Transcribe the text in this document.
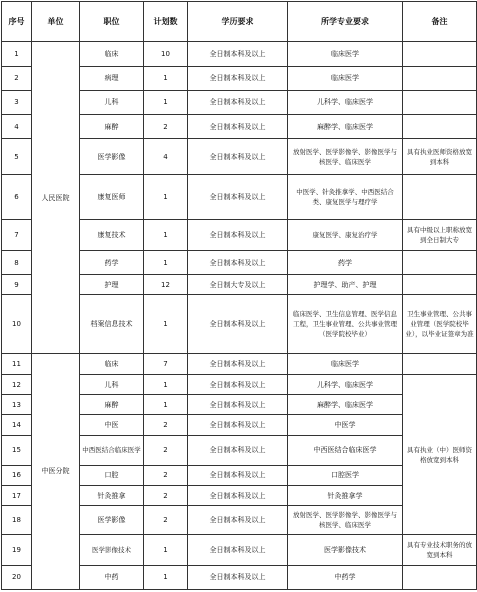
序号	单位	职位	计划数	学历要求	所学专业要求	备注
1	人民医院	临床	10	全日制本科及以上	临床医学	
2		病理	1	全日制本科及以上	临床医学	
3		儿科	1	全日制本科及以上	儿科学、临床医学	
4		麻醉	2	全日制本科及以上	麻醉学、临床医学	
5		医学影像	4	全日制本科及以上	放射医学、医学影像学、影像医学与核医学、临床医学	具有执业医师资格放宽到本科
6		康复医师	1	全日制本科及以上	中医学、针灸推拿学、中西医结合类、康复医学与理疗学	
7		康复技术	1	全日制本科及以上	康复医学、康复治疗学	具有中级以上职称放宽到全日制大专
8		药学	1	全日制本科及以上	药学	
9		护理	12	全日制大专及以上	护理学、助产、护理	
10		档案信息技术	1	全日制本科及以上	临床医学、卫生信息管理、医学信息工程，卫生事业管理、公共事业管理（医学院校毕业）	卫生事业管理、公共事业管理（医学院校毕业），以毕业证签章为准
11	中医分院	临床	7	全日制本科及以上	临床医学	
12		儿科	1	全日制本科及以上	儿科学、临床医学	具有执业（中）医师资格放宽到本科
13		麻醉	1	全日制本科及以上	麻醉学、临床医学	
14		中医	2	全日制本科及以上	中医学	
15		中西医结合临床医学	2	全日制本科及以上	中西医结合临床医学	
16		口腔	2	全日制本科及以上	口腔医学	
17		针灸推拿	2	全日制本科及以上	针灸推拿学	
18		医学影像	2	全日制本科及以上	放射医学、医学影像学、影像医学与核医学、临床医学	
19		医学影像技术	1	全日制本科及以上	医学影像技术	具有专业技术职务的放宽到本科
20		中药	1	全日制本科及以上	中药学	
